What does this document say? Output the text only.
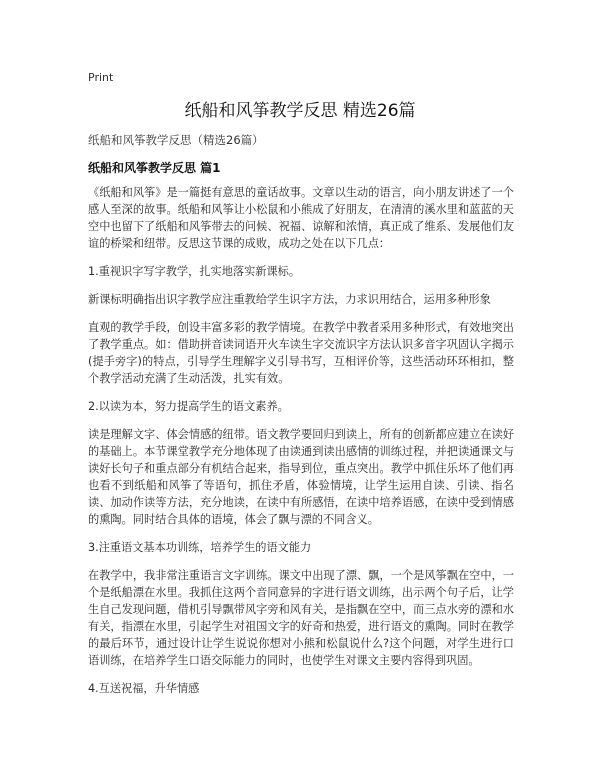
Print
纸船和风筝教学反思 精选26篇
纸船和风筝教学反思（精选26篇）
纸船和风筝教学反思 篇1

《纸船和风筝》是一篇挺有意思的童话故事。文章以生动的语言，向小朋友讲述了一个感人至深的故事。纸船和风筝让小松鼠和小熊成了好朋友，在清清的溪水里和蓝蓝的天空中也留下了纸船和风筝带去的问候、祝福、谅解和浓情，真正成了维系、发展他们友谊的桥梁和纽带。反思这节课的成败，成功之处在以下几点：

1.重视识字写字教学，扎实地落实新课标。

新课标明确指出识字教学应注重教给学生识字方法，力求识用结合，运用多种形象

直观的教学手段，创设丰富多彩的教学情境。在教学中教者采用多种形式，有效地突出了教学重点。如：借助拼音读词语开火车读生字交流识字方法认识多音字巩固认字揭示(提手旁字)的特点，引导学生理解字义引导书写，互相评价等，这些活动环环相扣，整个教学活动充满了生动活泼，扎实有效。

2.以读为本，努力提高学生的语文素养。

读是理解文字、体会情感的纽带。语文教学要回归到读上，所有的创新都应建立在读好的基础上。本节课堂教学充分地体现了由读通到读出感情的训练过程，并把读通课文与读好长句子和重点部分有机结合起来，指导到位，重点突出。教学中抓住乐坏了他们再也看不到纸船和风筝了等语句，抓住矛盾，体验情境，让学生运用自读、引读、指名读、加动作读等方法，充分地读，在读中有所感悟，在读中培养语感，在读中受到情感的熏陶。同时结合具体的语境，体会了飘与漂的不同含义。

3.注重语文基本功训练，培养学生的语文能力

在教学中，我非常注重语言文字训练。课文中出现了漂、飘，一个是风筝飘在空中，一个是纸船漂在水里。我抓住这两个音同意异的字进行语文训练，出示两个句子后，让学生自己发现问题，借机引导飘带风字旁和风有关，是指飘在空中，而三点水旁的漂和水有关，指漂在水里，引起学生对祖国文字的好奇和热爱，进行语文的熏陶。同时在教学的最后环节，通过设计让学生说说你想对小熊和松鼠说什么?这个问题，对学生进行口语训练，在培养学生口语交际能力的同时，也使学生对课文主要内容得到巩固。

4.互送祝福，升华情感
